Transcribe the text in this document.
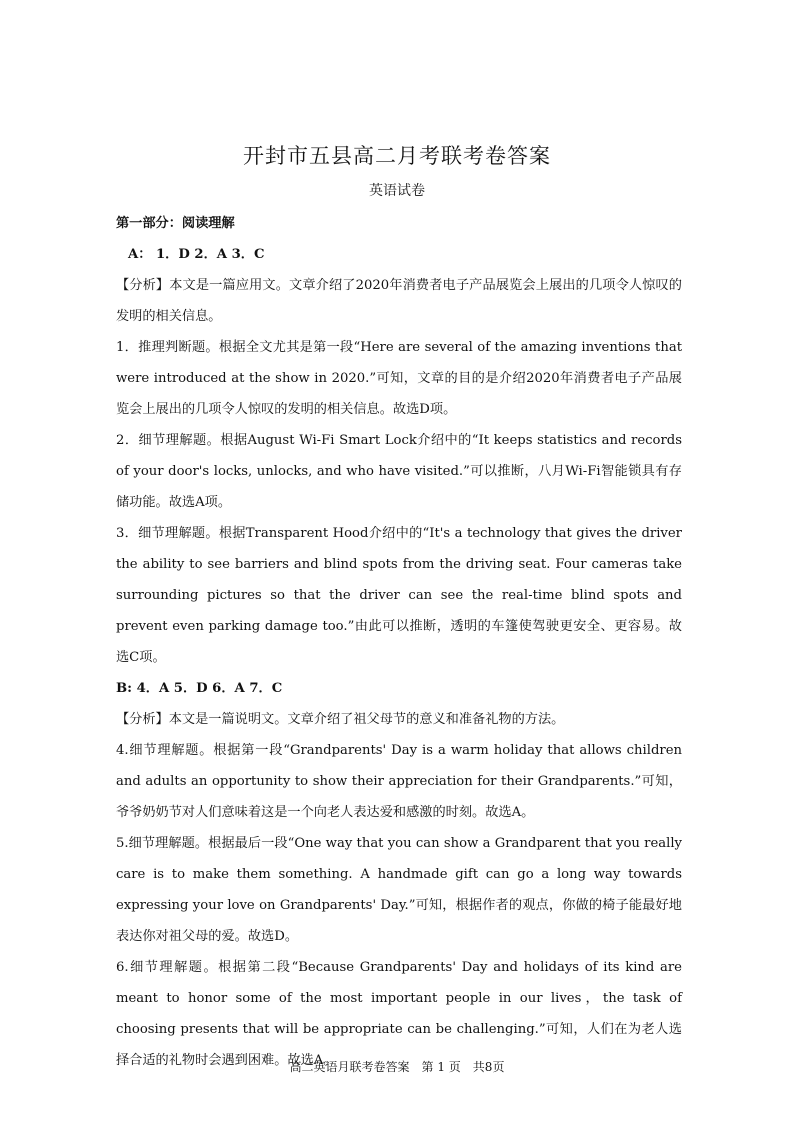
开封市五县高二月考联考卷答案
英语试卷

第一部分：阅读理解

A： 1．D 2．A 3．C

【分析】本文是一篇应用文。文章介绍了2020年消费者电子产品展览会上展出的几项令人惊叹的发明的相关信息。

1．推理判断题。根据全文尤其是第一段“Here are several of the amazing inventions that were introduced at the show in 2020.”可知，文章的目的是介绍2020年消费者电子产品展览会上展出的几项令人惊叹的发明的相关信息。故选D项。

2．细节理解题。根据August Wi-Fi Smart Lock介绍中的“It keeps statistics and records of your door's locks, unlocks, and who have visited.”可以推断，八月Wi-Fi智能锁具有存储功能。故选A项。

3．细节理解题。根据Transparent Hood介绍中的“It's a technology that gives the driver the ability to see barriers and blind spots from the driving seat. Four cameras take surrounding pictures so that the driver can see the real-time blind spots and prevent even parking damage too.”由此可以推断，透明的车篷使驾驶更安全、更容易。故选C项。

B: 4．A 5．D 6．A 7．C

【分析】本文是一篇说明文。文章介绍了祖父母节的意义和准备礼物的方法。

4.细节理解题。根据第一段“Grandparents' Day is a warm holiday that allows children and adults an opportunity to show their appreciation for their Grandparents.”可知，爷爷奶奶节对人们意味着这是一个向老人表达爱和感激的时刻。故选A。

5.细节理解题。根据最后一段“One way that you can show a Grandparent that you really care is to make them something. A handmade gift can go a long way towards expressing your love on Grandparents' Day.”可知，根据作者的观点，你做的椅子能最好地表达你对祖父母的爱。故选D。

6.细节理解题。根据第二段“Because Grandparents' Day and holidays of its kind are meant to honor some of the most important people in our lives，the task of choosing presents that will be appropriate can be challenging.”可知，人们在为老人选择合适的礼物时会遇到困难。故选A。

高二英语月联考卷答案　第 1 页　共8页
